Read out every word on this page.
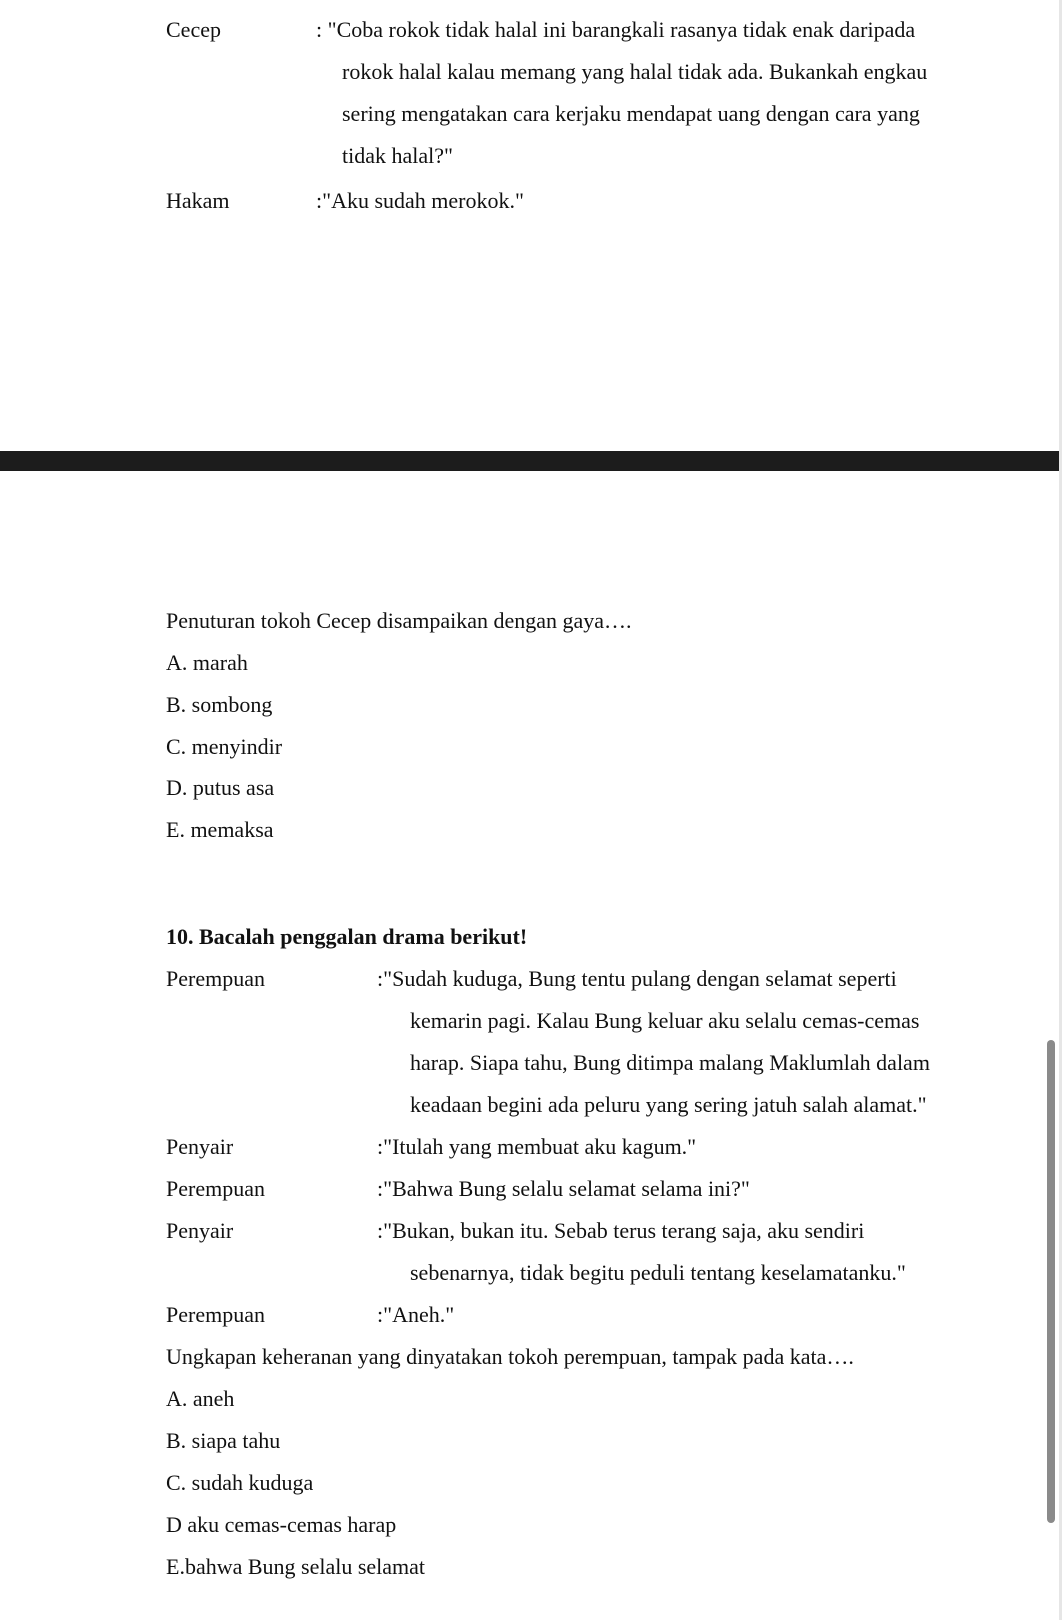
Cecep	: "Coba rokok tidak halal ini barangkali rasanya tidak enak daripada
rokok halal kalau memang yang halal tidak ada. Bukankah engkau
sering mengatakan cara kerjaku mendapat uang dengan cara yang
tidak halal?"
Hakam	:"Aku sudah merokok."
Penuturan tokoh Cecep disampaikan dengan gaya….
A. marah
B. sombong
C. menyindir
D. putus asa
E. memaksa
10. Bacalah penggalan drama berikut!
Perempuan	:"Sudah kuduga, Bung tentu pulang dengan selamat seperti
kemarin pagi. Kalau Bung keluar aku selalu cemas-cemas
harap. Siapa tahu, Bung ditimpa malang Maklumlah dalam
keadaan begini ada peluru yang sering jatuh salah alamat."
Penyair	:"Itulah yang membuat aku kagum."
Perempuan	:"Bahwa Bung selalu selamat selama ini?"
Penyair	:"Bukan, bukan itu. Sebab terus terang saja, aku sendiri
sebenarnya, tidak begitu peduli tentang keselamatanku."
Perempuan	:"Aneh."
Ungkapan keheranan yang dinyatakan tokoh perempuan, tampak pada kata….
A. aneh
B. siapa tahu
C. sudah kuduga
D aku cemas-cemas harap
E.bahwa Bung selalu selamat
